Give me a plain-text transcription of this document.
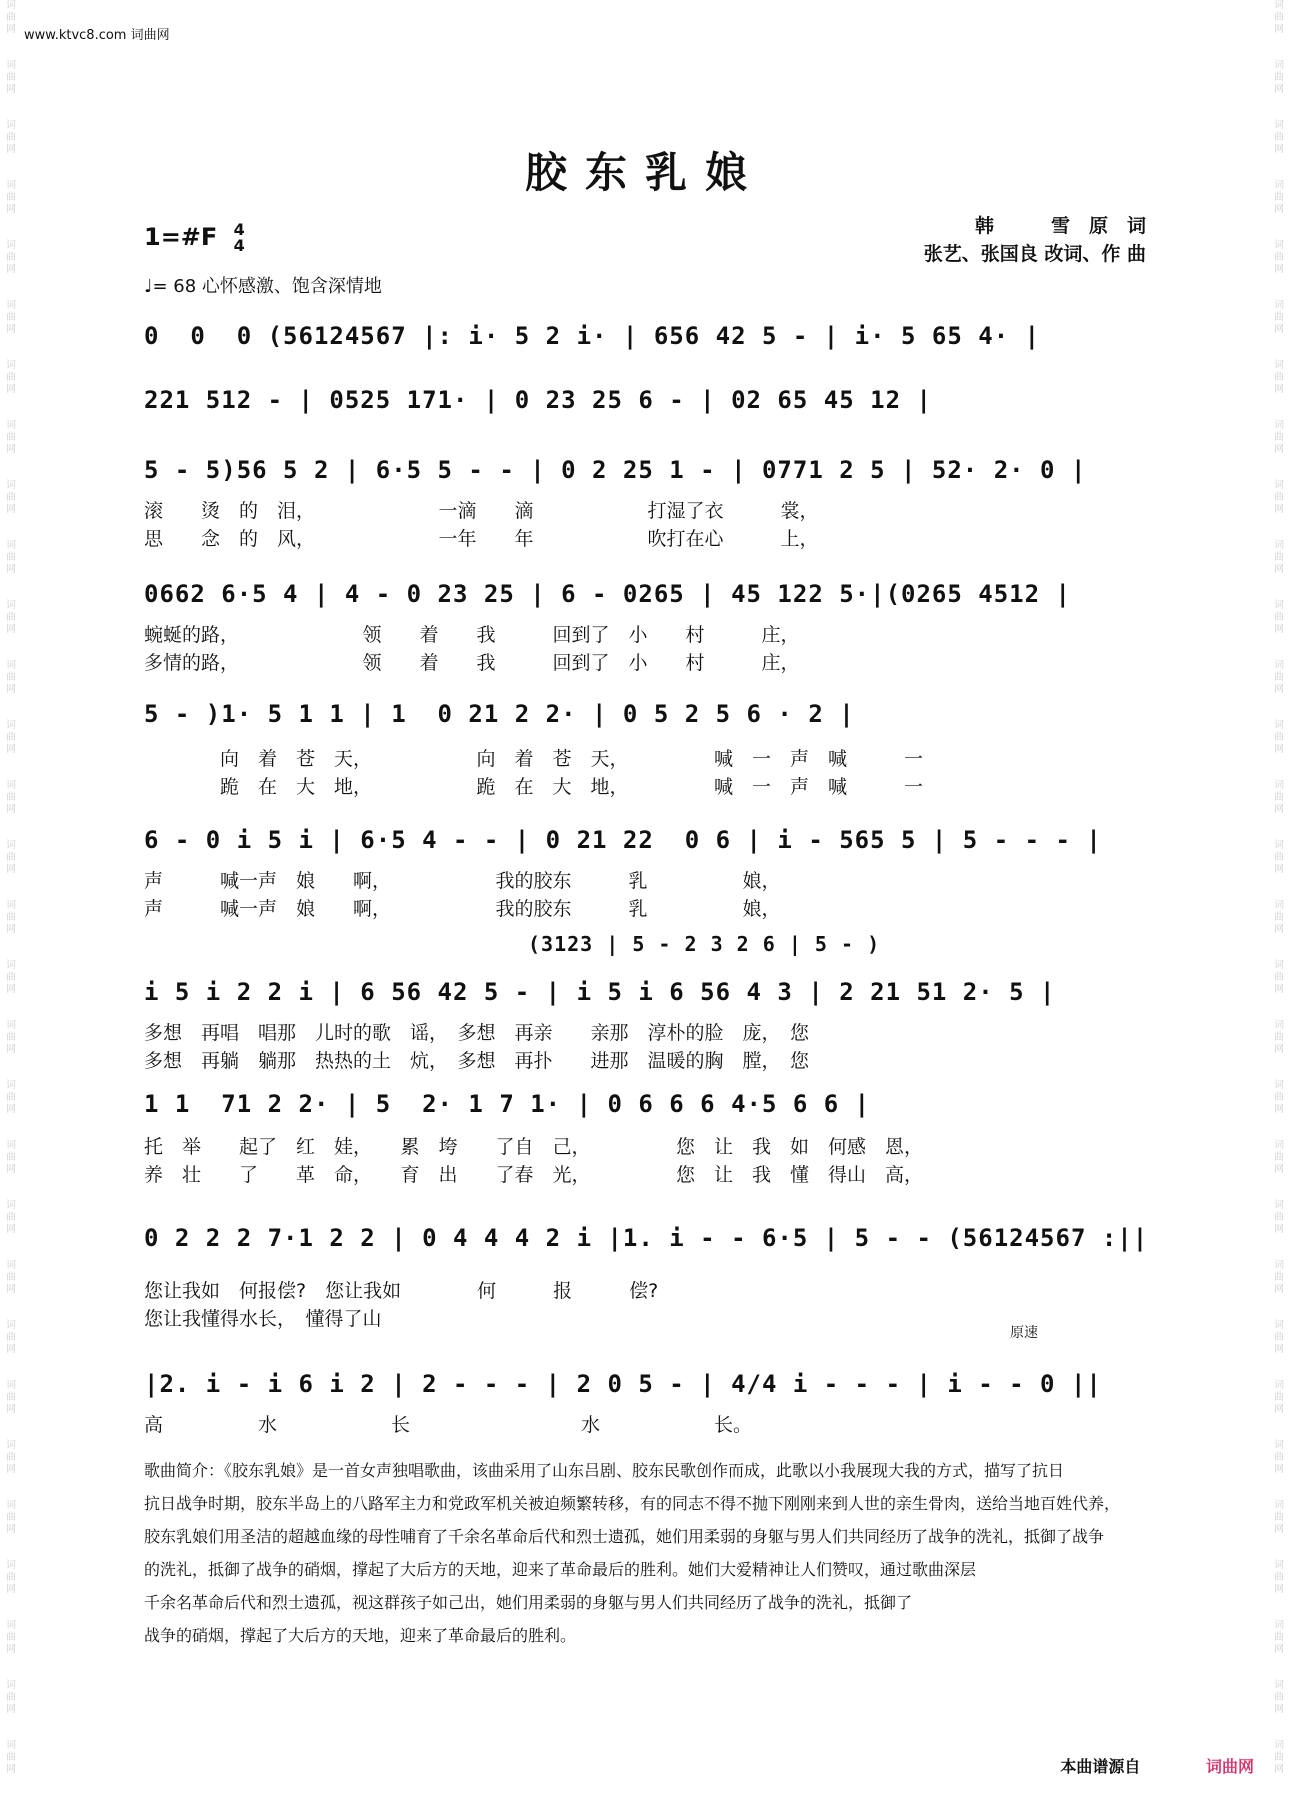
词曲网
词曲网
词曲网
词曲网
词曲网
词曲网
词曲网
词曲网
词曲网
词曲网
词曲网
词曲网
词曲网
词曲网
词曲网
词曲网
词曲网
词曲网
词曲网
词曲网
词曲网
词曲网
词曲网
词曲网
词曲网
词曲网
词曲网
词曲网
词曲网
词曲网
词曲网
词曲网
词曲网
词曲网
词曲网
词曲网
词曲网
词曲网
词曲网
词曲网
词曲网
词曲网
词曲网
词曲网
词曲网
词曲网
词曲网
词曲网
词曲网
词曲网
词曲网
词曲网
词曲网
词曲网
词曲网
词曲网
词曲网
词曲网
词曲网
词曲网
www.ktvc8.com 词曲网
胶东乳娘
1=#F 4
4
♩= 68 心怀感激、饱含深情地
韩　　　雪　原　词
张艺、张国良 改词、作 曲
0  0  0 (56124567 |: i· 5 2 i· | 656 42 5 - | i· 5 65 4· |
221 512 - | 0525 171· | 0 23 25 6 - | 02 65 45 12 |
5 - 5)56 5 2 | 6·5 5 - - | 0 2 25 1 - | 0771 2 5 | 52· 2· 0 |
滚　　烫　的　泪，　　　　　　　一滴　　滴　　　　　　打湿了衣　　　裳，
思　　念　的　风，　　　　　　　一年　　年　　　　　　吹打在心　　　上，
0662 6·5 4 | 4 - 0 23 25 | 6 - 0265 | 45 122 5·|(0265 4512 |
蜿蜒的路，　　　　　　　领　　着　　我　　　回到了　小　　村　　　庄，
多情的路，　　　　　　　领　　着　　我　　　回到了　小　　村　　　庄，
5 - )1· 5 1 1 | 1  0 21 2 2· | 0 5 2 5 6 · 2 |
　　　　向　着　苍　天，　　　　　　向　着　苍　天，　　　　　喊　一　声　喊　　　一
　　　　跪　在　大　地，　　　　　　跪　在　大　地，　　　　　喊　一　声　喊　　　一
6 - 0 i 5 i | 6·5 4 - - | 0 21 22  0 6 | i - 565 5 | 5 - - - |
声　　　喊一声　娘　　啊，　　　　　　我的胶东　　　乳　　　　　娘，
声　　　喊一声　娘　　啊，　　　　　　我的胶东　　　乳　　　　　娘，
(3123 | 5 - 2 3 2 6 | 5 - )
i 5 i 2 2 i | 6 56 42 5 - | i 5 i 6 56 4 3 | 2 21 51 2· 5 |
多想　再唱　唱那　儿时的歌　谣，　多想　再亲　　亲那　淳朴的脸　庞，　您
多想　再躺　躺那　热热的土　炕，　多想　再扑　　进那　温暖的胸　膛，　您
1 1  71 2 2· | 5  2· 1 7 1· | 0 6 6 6 4·5 6 6 |
托　举　　起了　红　娃，　　累　垮　　了自　己，　　　　　您　让　我　如　何感　恩，
养　壮　　了　　革　命，　　育　出　　了春　光，　　　　　您　让　我　懂　得山　高，
0 2 2 2 7·1 2 2 | 0 4 4 4 2 i |1. i - - 6·5 | 5 - - (56124567 :||
您让我如　何报偿?　您让我如　　　　何　　　报　　　偿?
您让我懂得水长，　懂得了山
原速
|2. i - i 6 i 2 | 2 - - - | 2 0 5 - | 4/4 i - - - | i - - 0 ||
高　　　　　水　　　　　　长　　　　　　　　　水　　　　　　长。

歌曲简介：《胶东乳娘》是一首女声独唱歌曲，该曲采用了山东吕剧、胶东民歌创作而成，此歌以小我展现大我的方式，描写了抗日

抗日战争时期，胶东半岛上的八路军主力和党政军机关被迫频繁转移，有的同志不得不抛下刚刚来到人世的亲生骨肉，送给当地百姓代养，

胶东乳娘们用圣洁的超越血缘的母性哺育了千余名革命后代和烈士遗孤，她们用柔弱的身躯与男人们共同经历了战争的洗礼，抵御了战争

的洗礼，抵御了战争的硝烟，撑起了大后方的天地，迎来了革命最后的胜利。她们大爱精神让人们赞叹，通过歌曲深层

千余名革命后代和烈士遗孤，视这群孩子如己出，她们用柔弱的身躯与男人们共同经历了战争的洗礼，抵御了

战争的硝烟，撑起了大后方的天地，迎来了革命最后的胜利。

本曲谱源自	词曲网
